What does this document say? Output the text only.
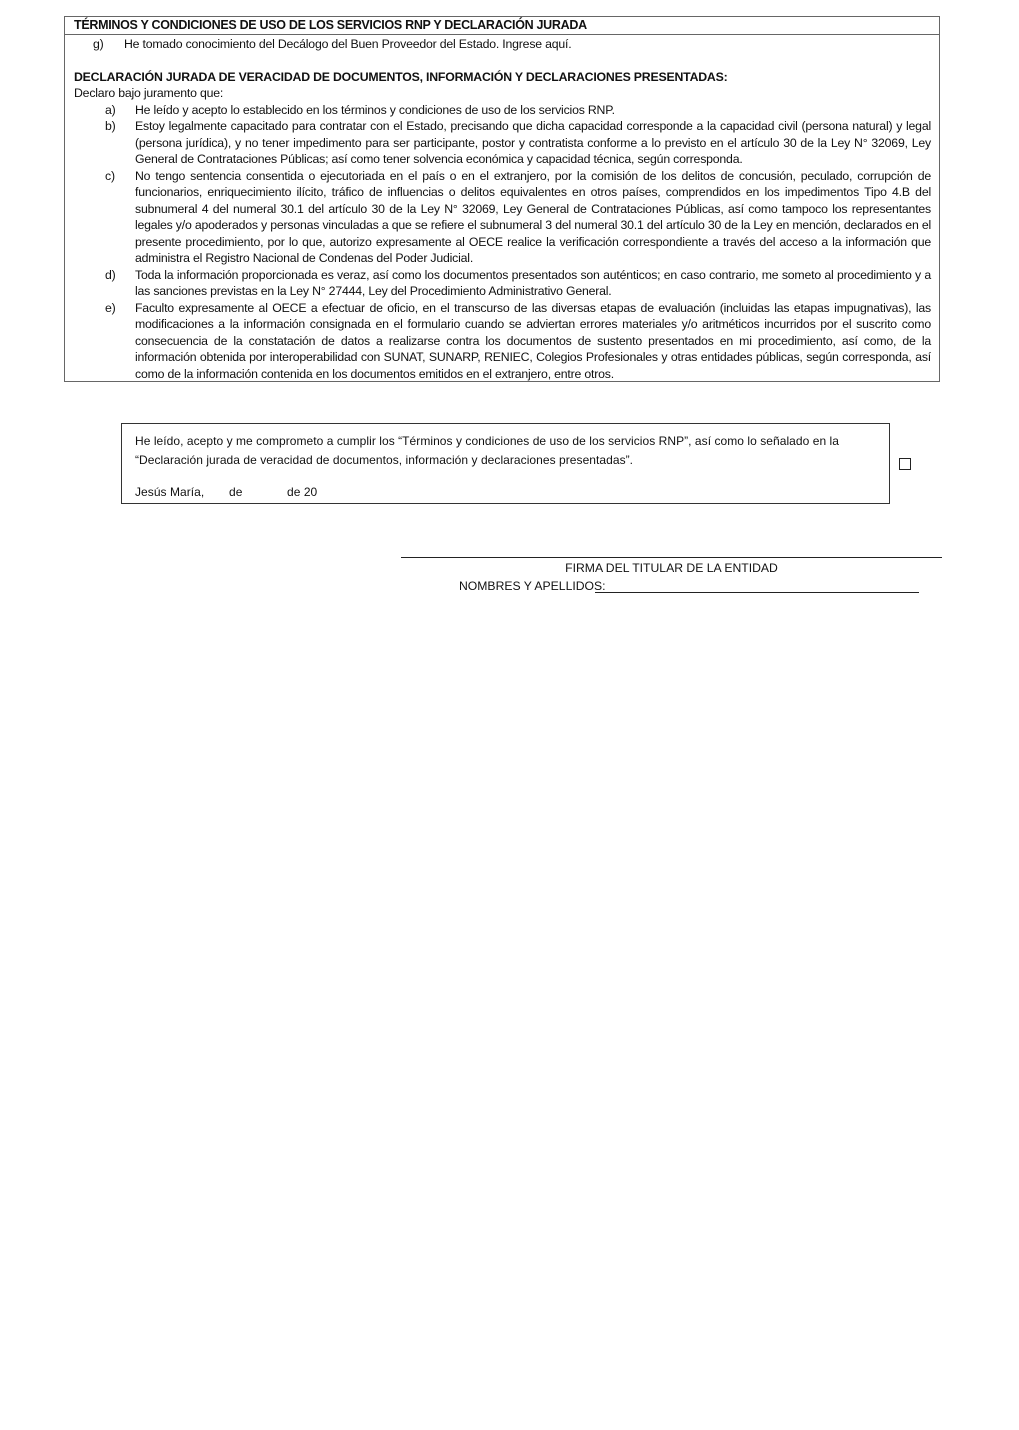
TÉRMINOS Y CONDICIONES DE USO DE LOS SERVICIOS RNP Y DECLARACIÓN JURADA
g) He tomado conocimiento del Decálogo del Buen Proveedor del Estado. Ingrese aquí.
DECLARACIÓN JURADA DE VERACIDAD DE DOCUMENTOS, INFORMACIÓN Y DECLARACIONES PRESENTADAS:
Declaro bajo juramento que:
a)	He leído y acepto lo establecido en los términos y condiciones de uso de los servicios RNP.
b)	Estoy legalmente capacitado para contratar con el Estado, precisando que dicha capacidad corresponde a la capacidad civil (persona natural) y legal (persona jurídica), y no tener impedimento para ser participante, postor y contratista conforme a lo previsto en el artículo 30 de la Ley N° 32069, Ley General de Contrataciones Públicas; así como tener solvencia económica y capacidad técnica, según corresponda.
c)	No tengo sentencia consentida o ejecutoriada en el país o en el extranjero, por la comisión de los delitos de concusión, peculado, corrupción de funcionarios, enriquecimiento ilícito, tráfico de influencias o delitos equivalentes en otros países, comprendidos en los impedimentos Tipo 4.B del subnumeral 4 del numeral 30.1 del artículo 30 de la Ley N° 32069, Ley General de Contrataciones Públicas, así como tampoco los representantes legales y/o apoderados y personas vinculadas a que se refiere el subnumeral 3 del numeral 30.1 del artículo 30 de la Ley en mención, declarados en el presente procedimiento, por lo que, autorizo expresamente al OECE realice la verificación correspondiente a través del acceso a la información que administra el Registro Nacional de Condenas del Poder Judicial.
d)	Toda la información proporcionada es veraz, así como los documentos presentados son auténticos; en caso contrario, me someto al procedimiento y a las sanciones previstas en la Ley N° 27444, Ley del Procedimiento Administrativo General.
e)	Faculto expresamente al OECE a efectuar de oficio, en el transcurso de las diversas etapas de evaluación (incluidas las etapas impugnativas), las modificaciones a la información consignada en el formulario cuando se adviertan errores materiales y/o aritméticos incurridos por el suscrito como consecuencia de la constatación de datos a realizarse contra los documentos de sustento presentados en mi procedimiento, así como, de la información obtenida por interoperabilidad con SUNAT, SUNARP, RENIEC, Colegios Profesionales y otras entidades públicas, según corresponda, así como de la información contenida en los documentos emitidos en el extranjero, entre otros.
He leído, acepto y me comprometo a cumplir los “Términos y condiciones de uso de los servicios RNP”, así como lo señalado en la “Declaración jurada de veracidad de documentos, información y declaraciones presentadas”.
Jesús María, de	de 20
FIRMA DEL TITULAR DE LA ENTIDAD
NOMBRES Y APELLIDOS:
